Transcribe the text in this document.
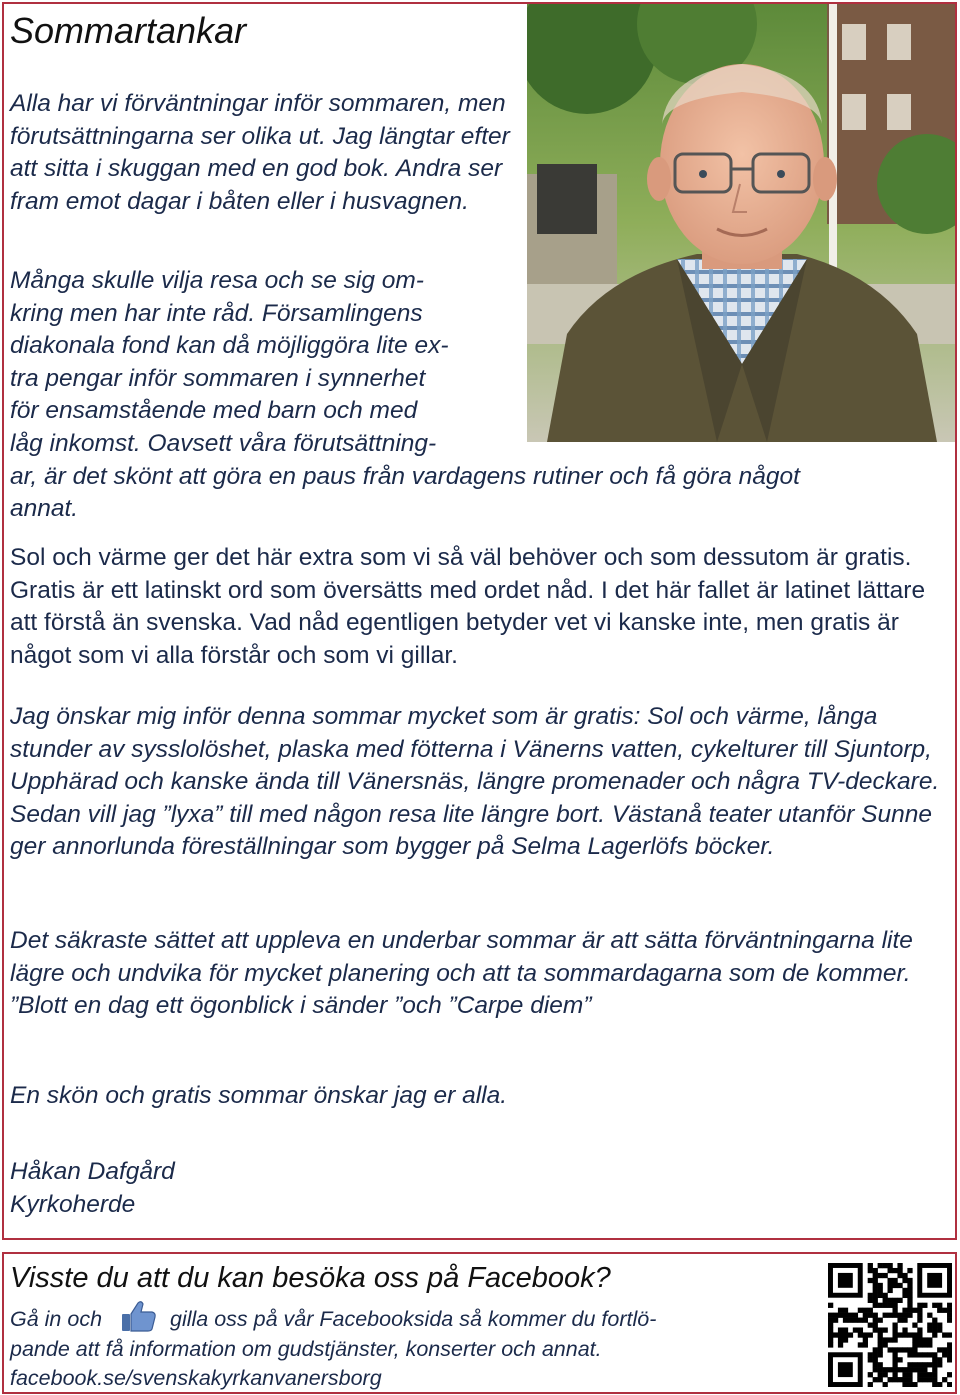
Sommartankar

Alla har vi förväntningar inför sommaren, men förutsättningarna ser olika ut. Jag längtar efter att sitta i skuggan med en god bok. Andra ser fram emot dagar i båten eller i husvagnen.

Många skulle vilja resa och se sig om-
kring men har inte råd. Församlingens
diakonala fond kan då möjliggöra lite ex-
tra pengar inför sommaren i synnerhet
för ensamstående med barn och med
låg inkomst. Oavsett våra förutsättning-
ar, är det skönt att göra en paus från vardagens rutiner och få göra något
annat.

Sol och värme ger det här extra som vi så väl behöver och som dessutom är gratis. Gratis är ett latinskt ord som översätts med ordet nåd. I det här fallet är latinet lättare att förstå än svenska. Vad nåd egentligen betyder vet vi kanske inte, men gratis är något som vi alla förstår och som vi gillar.

Jag önskar mig inför denna sommar mycket som är gratis: Sol och värme, långa stunder av sysslolöshet, plaska med fötterna i Vänerns vatten, cykelturer till Sjuntorp, Upphärad och kanske ända till Vänersnäs, längre promenader och några TV-deckare. Sedan vill jag ”lyxa” till med någon resa lite längre bort. Västanå teater utanför Sunne ger annorlunda föreställningar som bygger på Selma Lagerlöfs böcker.

Det säkraste sättet att uppleva en underbar sommar är att sätta förväntningarna lite lägre och undvika för mycket planering och att ta sommardagarna som de kommer. ”Blott en dag ett ögonblick i sänder ”och ”Carpe diem”

En skön och gratis sommar önskar jag er alla.

Håkan Dafgård
Kyrkoherde
Visste du att du kan besöka oss på Facebook?
Gå in och	gilla oss på vår Facebooksida så kommer du fortlö-
pande att få information om gudstjänster, konserter och annat.
facebook.se/svenskakyrkanvanersborg
